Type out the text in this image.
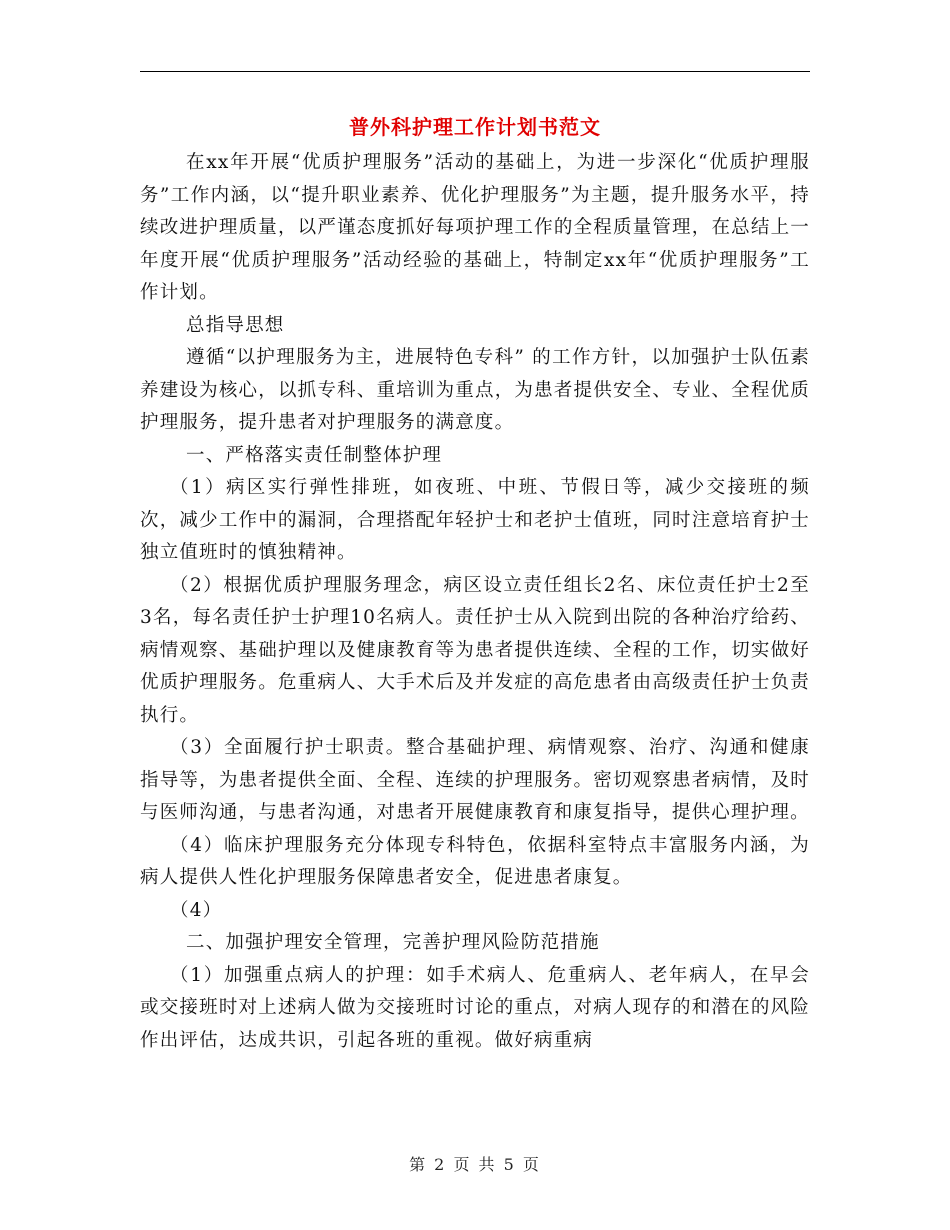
普外科护理工作计划书范文

在xx年开展“优质护理服务”活动的基础上，为进一步深化“优质护理服务”工作内涵，以“提升职业素养、优化护理服务”为主题，提升服务水平，持续改进护理质量，以严谨态度抓好每项护理工作的全程质量管理，在总结上一年度开展“优质护理服务”活动经验的基础上，特制定xx年“优质护理服务”工作计划。

总指导思想

遵循“以护理服务为主，进展特色专科” 的工作方针，以加强护士队伍素养建设为核心，以抓专科、重培训为重点，为患者提供安全、专业、全程优质护理服务，提升患者对护理服务的满意度。

一、严格落实责任制整体护理

（1）病区实行弹性排班，如夜班、中班、节假日等，减少交接班的频次，减少工作中的漏洞，合理搭配年轻护士和老护士值班，同时注意培育护士独立值班时的慎独精神。

（2）根据优质护理服务理念，病区设立责任组长2名、床位责任护士2至3名，每名责任护士护理10名病人。责任护士从入院到出院的各种治疗给药、病情观察、基础护理以及健康教育等为患者提供连续、全程的工作，切实做好优质护理服务。危重病人、大手术后及并发症的高危患者由高级责任护士负责执行。

（3）全面履行护士职责。整合基础护理、病情观察、治疗、沟通和健康指导等，为患者提供全面、全程、连续的护理服务。密切观察患者病情，及时与医师沟通，与患者沟通，对患者开展健康教育和康复指导，提供心理护理。

（4）临床护理服务充分体现专科特色，依据科室特点丰富服务内涵，为病人提供人性化护理服务保障患者安全，促进患者康复。

（4）

二、加强护理安全管理，完善护理风险防范措施

（1）加强重点病人的护理：如手术病人、危重病人、老年病人，在早会或交接班时对上述病人做为交接班时讨论的重点，对病人现存的和潜在的风险作出评估，达成共识，引起各班的重视。做好病重病

第 2 页 共 5 页
